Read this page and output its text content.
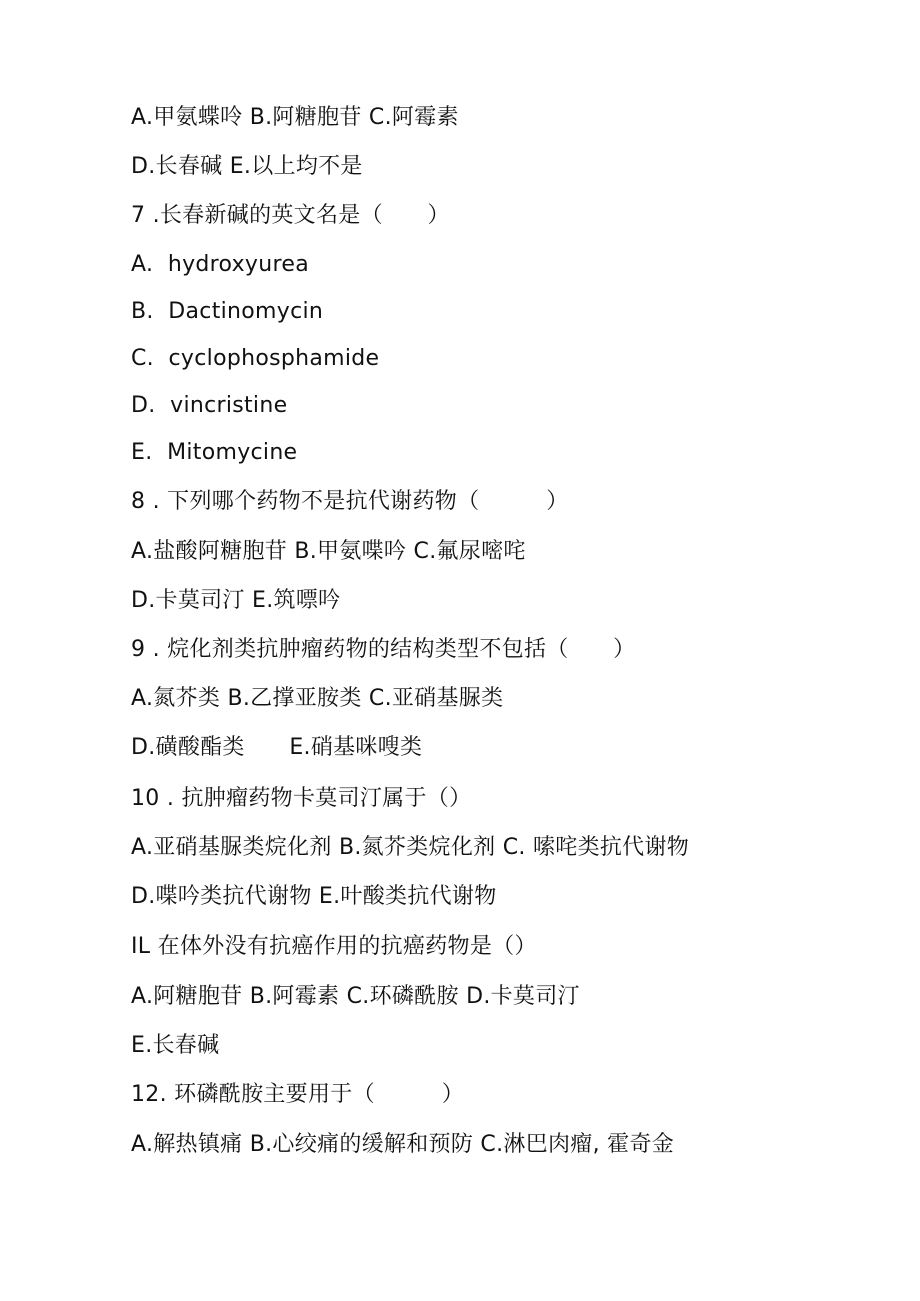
A.甲氨蝶呤 B.阿糖胞苷 C.阿霉素
D.长春碱 E.以上均不是
7 .长春新碱的英文名是（　　）
A.  hydroxyurea
B.  Dactinomycin
C.  cyclophosphamide
D.  vincristine
E.  Mitomycine
8 . 下列哪个药物不是抗代谢药物（　　　）
A.盐酸阿糖胞苷 B.甲氨喋吟 C.氟尿嘧咤
D.卡莫司汀 E.筑嘌吟
9 . 烷化剂类抗肿瘤药物的结构类型不包括（　　）
A.氮芥类 B.乙撑亚胺类 C.亚硝基脲类
D.磺酸酯类　　E.硝基咪嗖类
10 . 抗肿瘤药物卡莫司汀属于（）
A.亚硝基脲类烷化剂 B.氮芥类烷化剂 C. 嗦咤类抗代谢物
D.喋吟类抗代谢物 E.叶酸类抗代谢物
IL 在体外没有抗癌作用的抗癌药物是（）
A.阿糖胞苷 B.阿霉素 C.环磷酰胺 D.卡莫司汀
E.长春碱
12. 环磷酰胺主要用于（　　　）
A.解热镇痛 B.心绞痛的缓解和预防 C.淋巴肉瘤, 霍奇金
